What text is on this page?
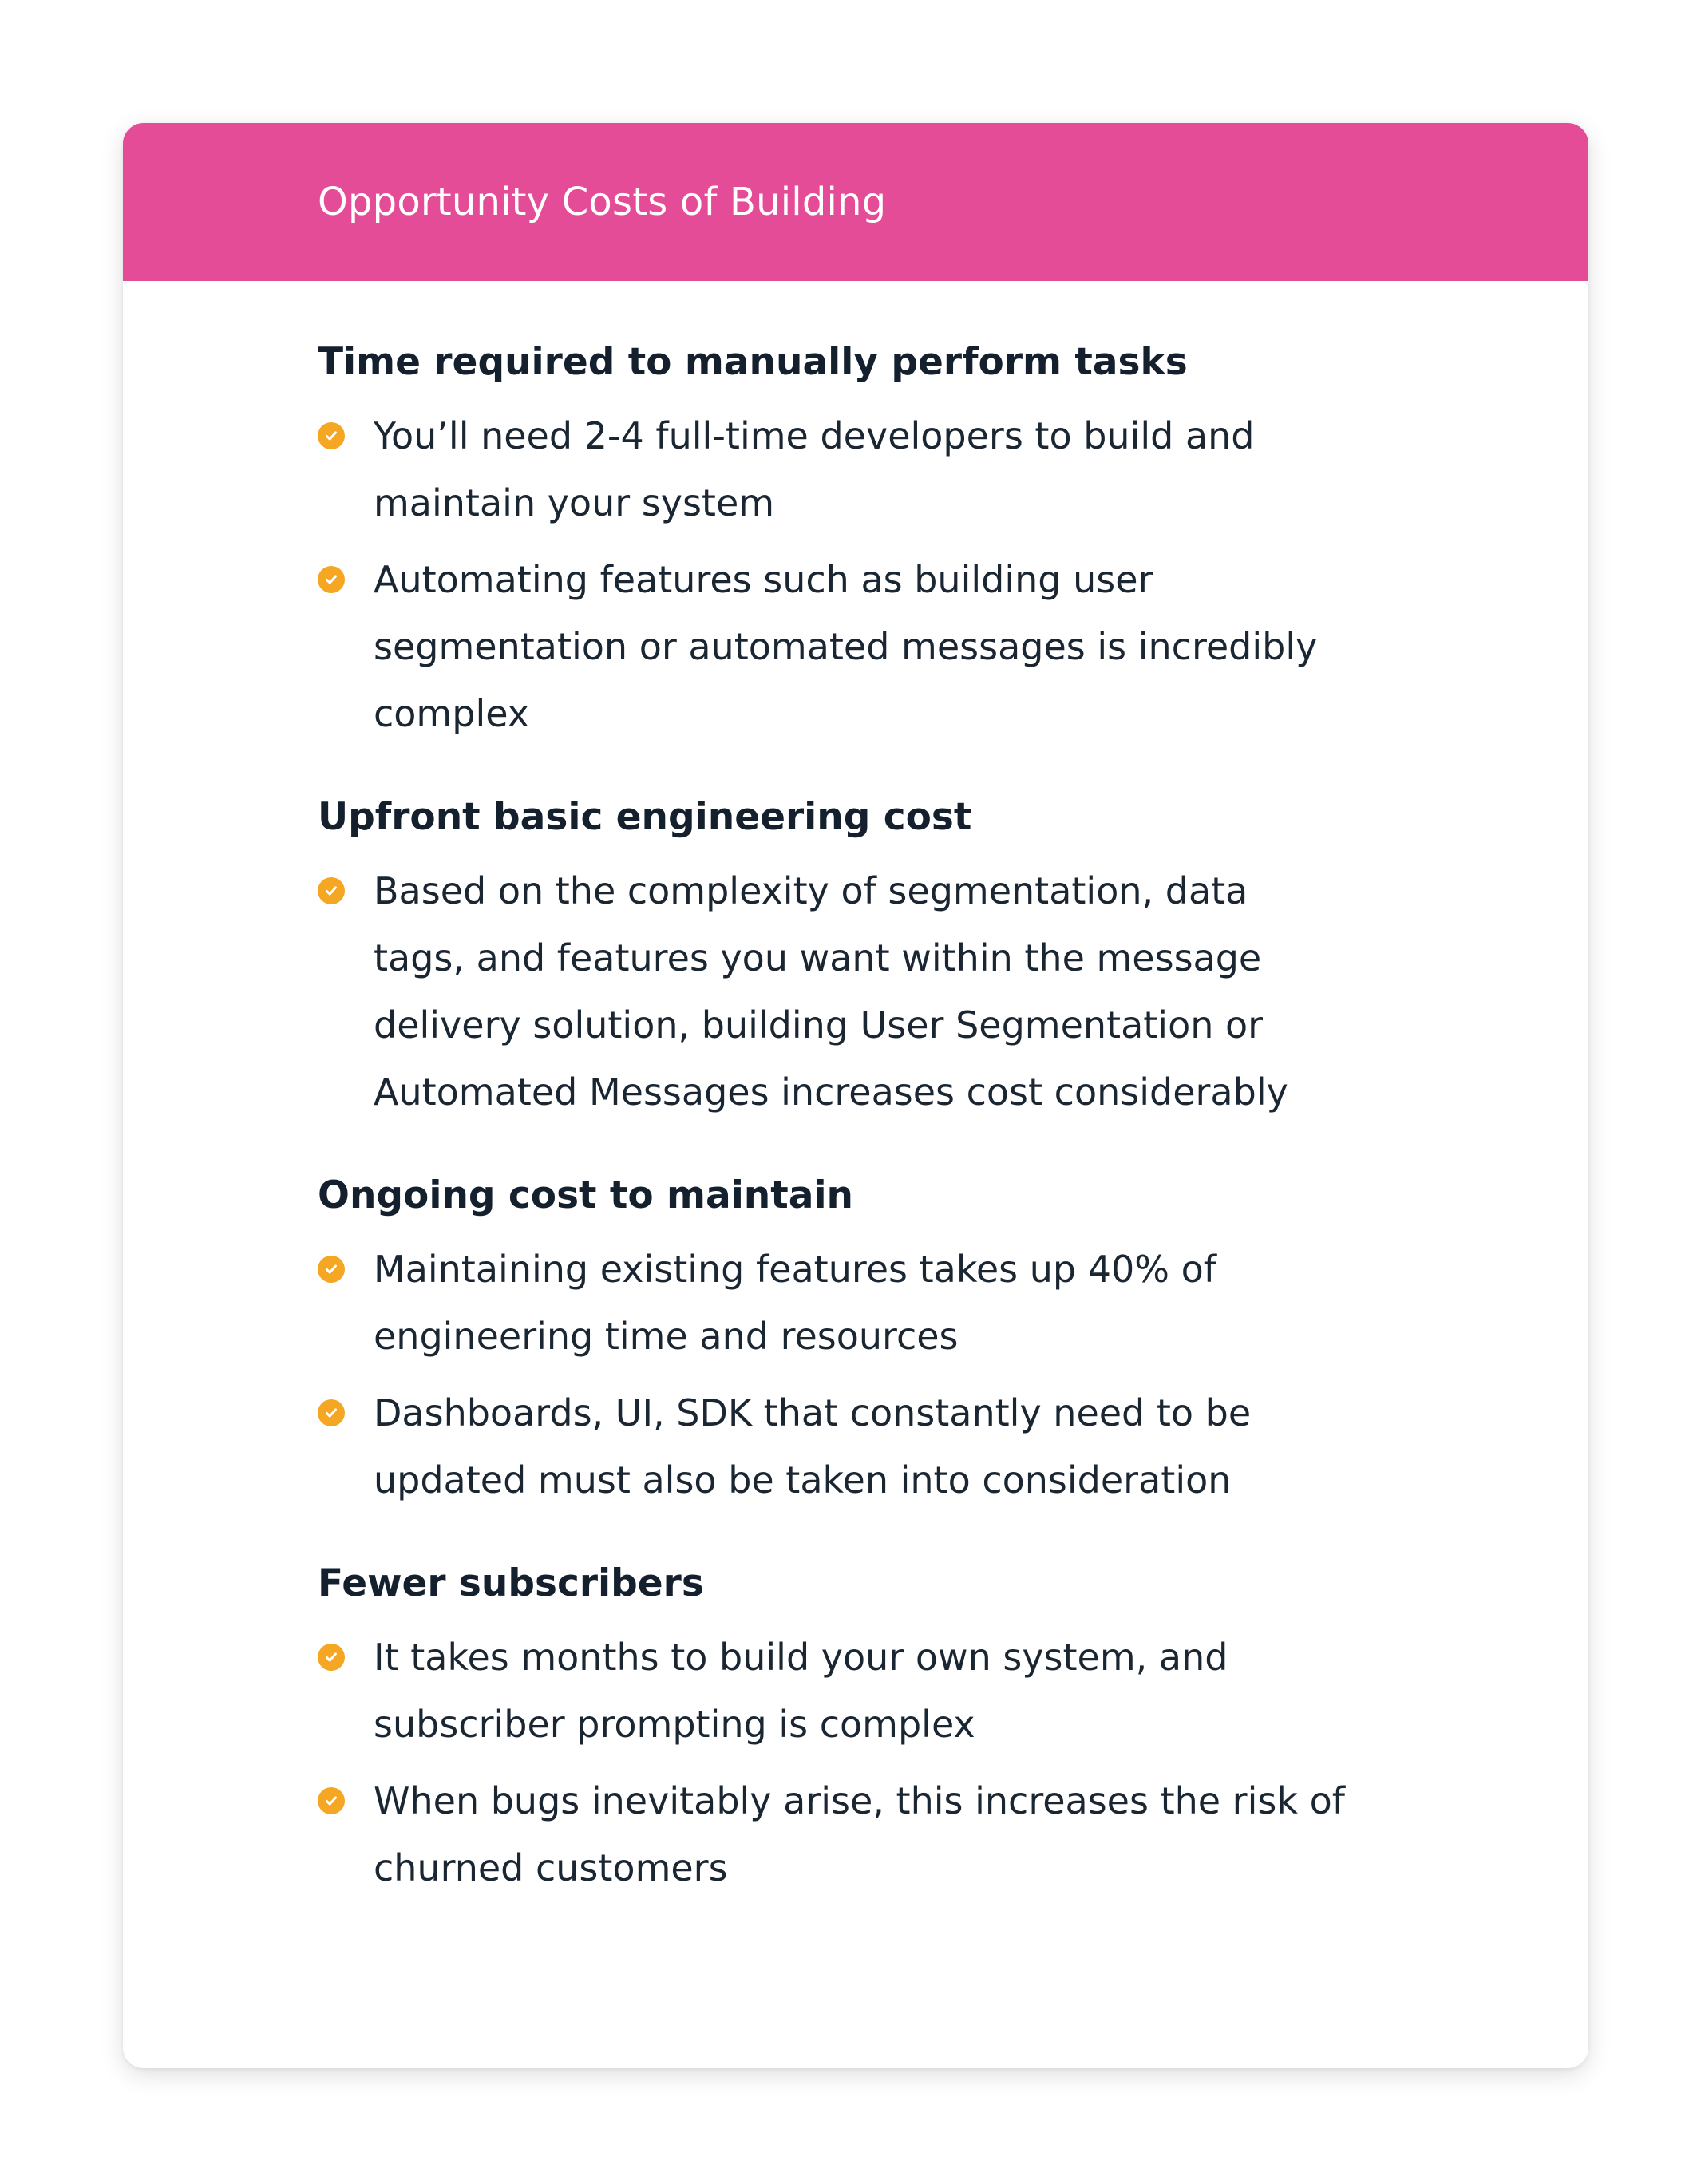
Opportunity Costs of Building
Time required to manually perform tasks
You’ll need 2-4 full-time developers to build and maintain your system
Automating features such as building user segmentation or automated messages is incredibly complex
Upfront basic engineering cost
Based on the complexity of segmentation, data tags, and features you want within the message delivery solution, building User Segmentation or Automated Messages increases cost considerably
Ongoing cost to maintain
Maintaining existing features takes up 40% of engineering time and resources
Dashboards, UI, SDK that constantly need to be updated must also be taken into consideration
Fewer subscribers
It takes months to build your own system, and subscriber prompting is complex
When bugs inevitably arise, this increases the risk of churned customers
